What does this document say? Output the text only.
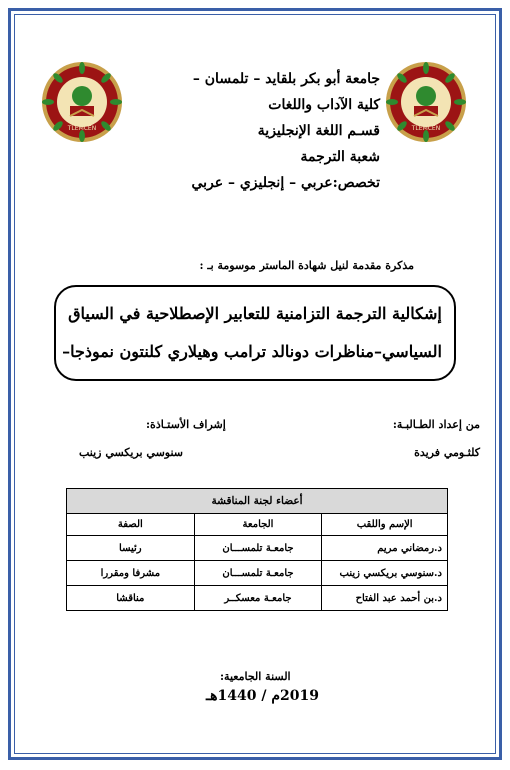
TLEMCEN	TLEMCEN
جامعة أبو بكر بلقايد – تلمسان –
كلية الآداب واللغات
قسـم اللغة الإنجليزية
شعبة الترجمة
تخصص:عربي – إنجليزي – عربي
مذكرة مقدمة لنيل شهادة الماستر موسومة بـ :
إشكالية الترجمة التزامنية للتعابير الإصطلاحية في السياق
السياسي–مناظرات دونالد ترامب وهيلاري كلنتون نموذجا–
من إعداد الطـالبـة:
كلثـومي فريدة
إشراف الأستـاذة:
سنوسي بريكسي زينب
أعضاء لجنة المناقشة		
الإسم واللقب	الجامعة	الصفة
د.رمضاني مريم	جامعـة تلمســـان	رئيسا
د.سنوسي بريكسي زينب	جامعـة تلمســـان	مشرفا ومقررا
د.بن أحمد عبد الفتاح	جامعـة معسكــر	مناقشا
السنة الجامعية:
2019م / 1440هـ
